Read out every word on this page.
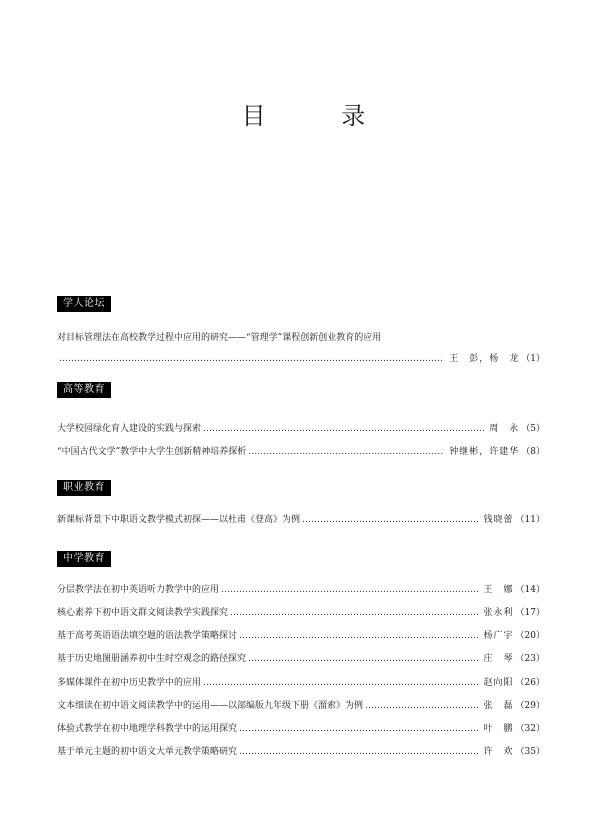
目 录
学人论坛
对目标管理法在高校教学过程中应用的研究——“管理学”课程创新创业教育的应用
……………………………………………………………………………………………………………………………………………………………………………
王　彭，杨　龙 （1）
高等教育
大学校园绿化育人建设的实践与探索 ……………………………………………………………………………………………………………………………………………………………………………	周　永 （5）
“中国古代文学”教学中大学生创新精神培养探析 ……………………………………………………………………………………………………………………………………………………………………………	钟继彬，许建华 （8）
职业教育
新课标背景下中职语文教学模式初探——以杜甫《登高》为例 ……………………………………………………………………………………………………………………………………………………………………………	钱晓蕾 （11）
中学教育
分层教学法在初中英语听力教学中的应用 ……………………………………………………………………………………………………………………………………………………………………………	王　娜 （14）
核心素养下初中语文群文阅读教学实践探究 ……………………………………………………………………………………………………………………………………………………………………………	张永利 （17）
基于高考英语语法填空题的语法教学策略探讨 ……………………………………………………………………………………………………………………………………………………………………………	杨广宇 （20）
基于历史地图册涵养初中生时空观念的路径探究 ……………………………………………………………………………………………………………………………………………………………………………	庄　琴 （23）
多媒体课件在初中历史教学中的应用 ……………………………………………………………………………………………………………………………………………………………………………	赵向阳 （26）
文本细读在初中语文阅读教学中的运用——以部编版九年级下册《溜索》为例 ……………………………………………………………………………………………………………………………………………………………………………	张　磊 （29）
体验式教学在初中地理学科教学中的运用探究 ……………………………………………………………………………………………………………………………………………………………………………	叶　鹏 （32）
基于单元主题的初中语文大单元教学策略研究 ……………………………………………………………………………………………………………………………………………………………………………	许　欢 （35）
